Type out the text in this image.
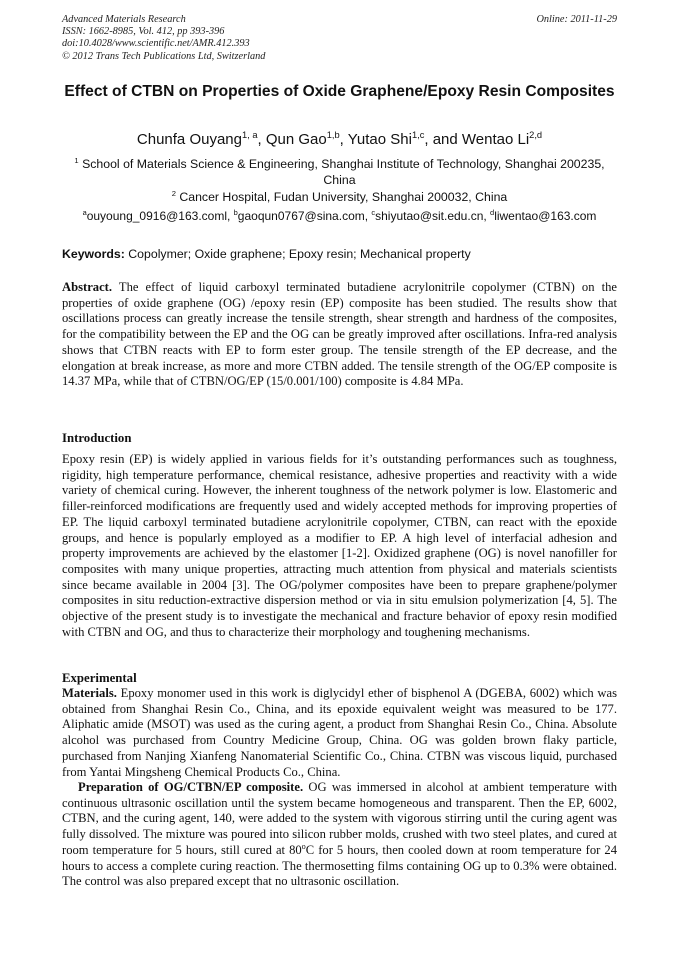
Advanced Materials Research
ISSN: 1662-8985, Vol. 412, pp 393-396
doi:10.4028/www.scientific.net/AMR.412.393
© 2012 Trans Tech Publications Ltd, Switzerland
Online: 2011-11-29
Effect of CTBN on Properties of Oxide Graphene/Epoxy Resin Composites
Chunfa Ouyang$^{1, a}$, Qun Gao$^{1,b}$, Yutao Shi$^{1,c}$, and Wentao Li$^{2,d}$
$^1$ School of Materials Science & Engineering, Shanghai Institute of Technology, Shanghai 200235, China
$^2$ Cancer Hospital, Fudan University, Shanghai 200032, China
$^a$ouyoung_0916@163.coml, $^b$gaoqun0767@sina.com, $^c$shiyutao@sit.edu.cn, $^d$liwentao@163.com
Keywords: Copolymer; Oxide graphene; Epoxy resin; Mechanical property
Abstract. The effect of liquid carboxyl terminated butadiene acrylonitrile copolymer (CTBN) on the properties of oxide graphene (OG) /epoxy resin (EP) composite has been studied. The results show that oscillations process can greatly increase the tensile strength, shear strength and hardness of the composites, for the compatibility between the EP and the OG can be greatly improved after oscillations. Infra-red analysis shows that CTBN reacts with EP to form ester group. The tensile strength of the EP decrease, and the elongation at break increase, as more and more CTBN added. The tensile strength of the OG/EP composite is 14.37 MPa, while that of CTBN/OG/EP (15/0.001/100) composite is 4.84 MPa.
Introduction
Epoxy resin (EP) is widely applied in various fields for it’s outstanding performances such as toughness, rigidity, high temperature performance, chemical resistance, adhesive properties and reactivity with a wide variety of chemical curing. However, the inherent toughness of the network polymer is low. Elastomeric and filler-reinforced modifications are frequently used and widely accepted methods for improving properties of EP. The liquid carboxyl terminated butadiene acrylonitrile copolymer, CTBN, can react with the epoxide groups, and hence is popularly employed as a modifier to EP. A high level of interfacial adhesion and property improvements are achieved by the elastomer [1-2]. Oxidized graphene (OG) is novel nanofiller for composites with many unique properties, attracting much attention from physical and materials scientists since became available in 2004 [3]. The OG/polymer composites have been to prepare graphene/polymer composites in situ reduction-extractive dispersion method or via in situ emulsion polymerization [4, 5]. The objective of the present study is to investigate the mechanical and fracture behavior of epoxy resin modified with CTBN and OG, and thus to characterize their morphology and toughening mechanisms.
Experimental
Materials. Epoxy monomer used in this work is diglycidyl ether of bisphenol A (DGEBA, 6002) which was obtained from Shanghai Resin Co., China, and its epoxide equivalent weight was measured to be 177. Aliphatic amide (MSOT) was used as the curing agent, a product from Shanghai Resin Co., China. Absolute alcohol was purchased from Country Medicine Group, China. OG was golden brown flaky particle, purchased from Nanjing Xianfeng Nanomaterial Scientific Co., China. CTBN was viscous liquid, purchased from Yantai Mingsheng Chemical Products Co., China.
Preparation of OG/CTBN/EP composite. OG was immersed in alcohol at ambient temperature with continuous ultrasonic oscillation until the system became homogeneous and transparent. Then the EP, 6002, CTBN, and the curing agent, 140, were added to the system with vigorous stirring until the curing agent was fully dissolved. The mixture was poured into silicon rubber molds, crushed with two steel plates, and cured at room temperature for 5 hours, still cured at 80$^o$C for 5 hours, then cooled down at room temperature for 24 hours to access a complete curing reaction. The thermosetting films containing OG up to 0.3% were obtained. The control was also prepared except that no ultrasonic oscillation.
